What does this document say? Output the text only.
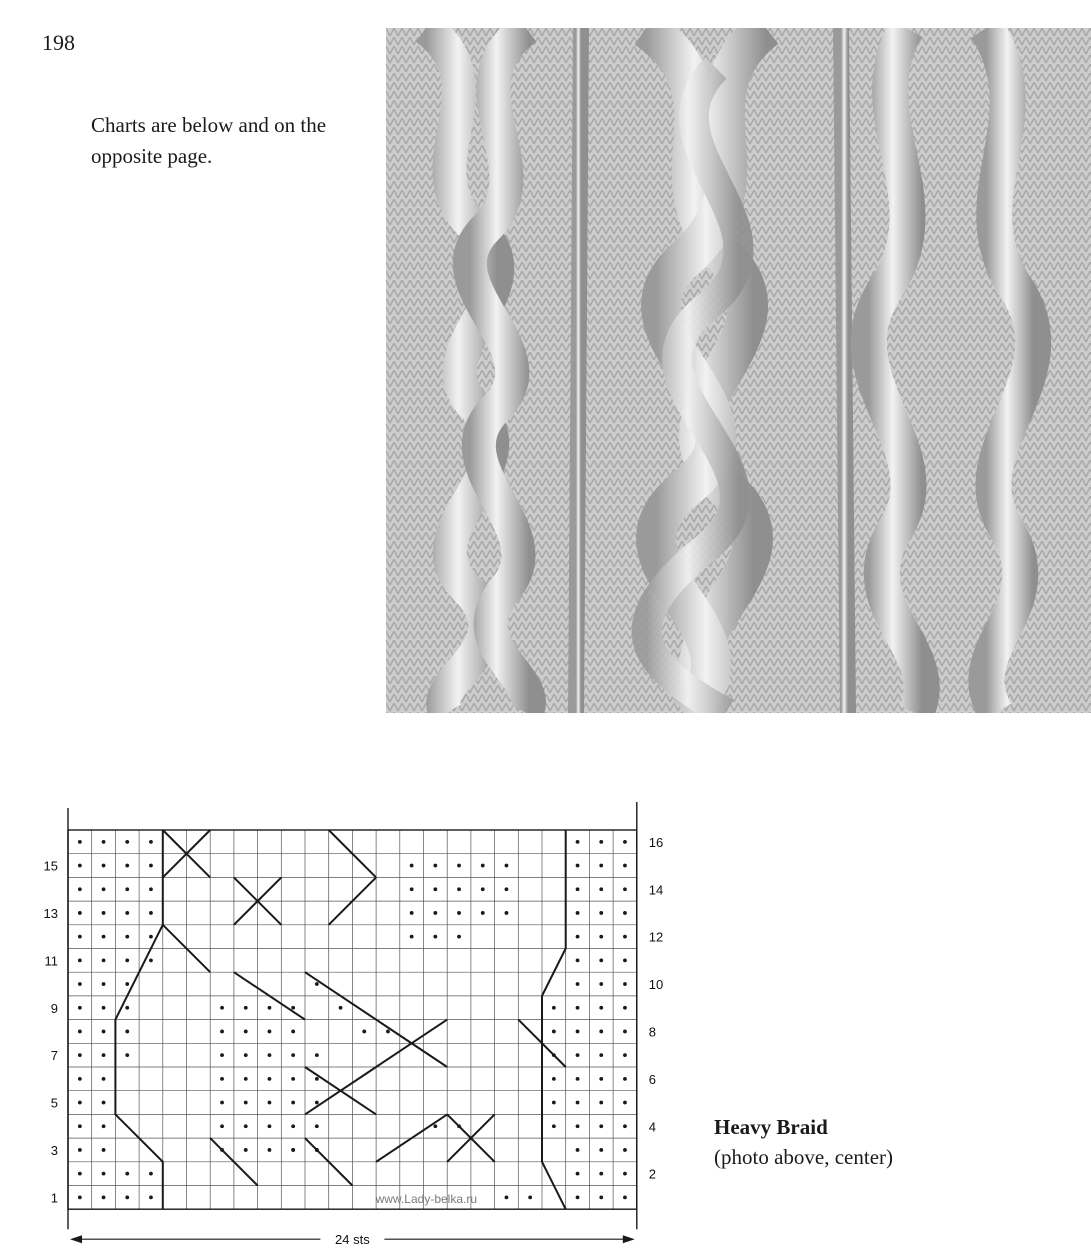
198
Charts are below and on the opposite page.
15
13
11
9
7
5
3
1
16
14
12
10
8
6
4
2
24 sts
www.Lady-belka.ru
Heavy Braid
(photo above, center)
